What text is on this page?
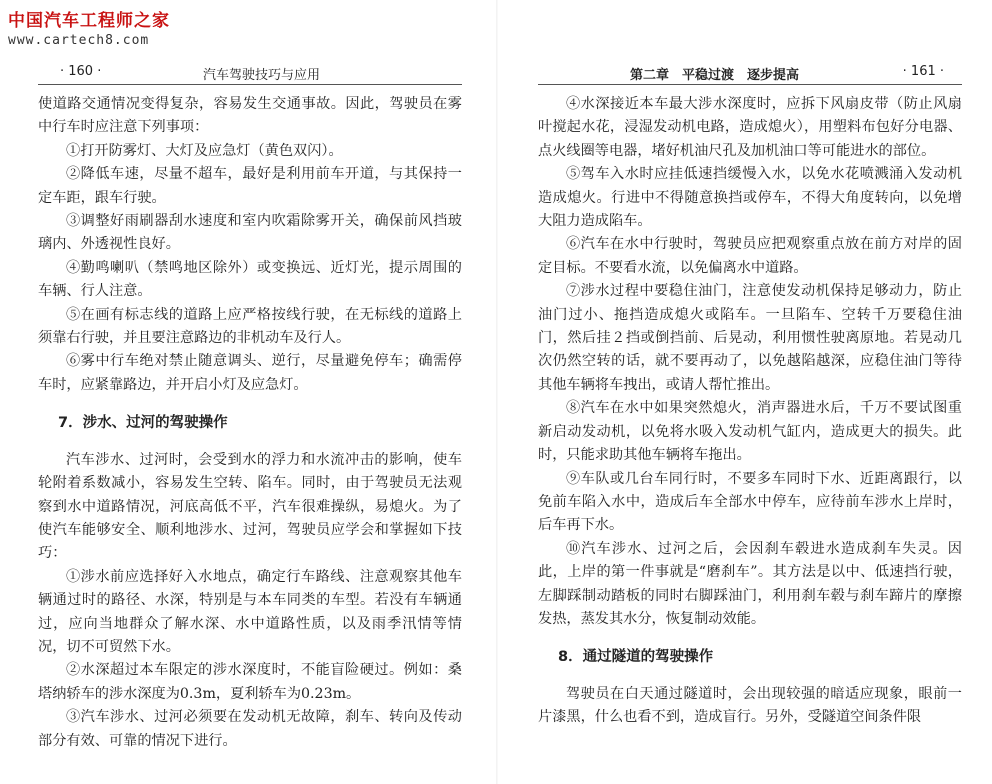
中国汽车工程师之家
www.cartech8.com
· 160 ·	汽车驾驶技巧与应用

使道路交通情况变得复杂，容易发生交通事故。因此，驾驶员在雾中行车时应注意下列事项：

①打开防雾灯、大灯及应急灯（黄色双闪）。

②降低车速，尽量不超车，最好是利用前车开道，与其保持一定车距，跟车行驶。

③调整好雨刷器刮水速度和室内吹霜除雾开关，确保前风挡玻璃内、外透视性良好。

④勤鸣喇叭（禁鸣地区除外）或变换远、近灯光，提示周围的车辆、行人注意。

⑤在画有标志线的道路上应严格按线行驶，在无标线的道路上须靠右行驶，并且要注意路边的非机动车及行人。

⑥雾中行车绝对禁止随意调头、逆行，尽量避免停车；确需停车时，应紧靠路边，并开启小灯及应急灯。

7．涉水、过河的驾驶操作

汽车涉水、过河时，会受到水的浮力和水流冲击的影响，使车轮附着系数减小，容易发生空转、陷车。同时，由于驾驶员无法观察到水中道路情况，河底高低不平，汽车很难操纵，易熄火。为了使汽车能够安全、顺利地涉水、过河，驾驶员应学会和掌握如下技巧：

①涉水前应选择好入水地点，确定行车路线、注意观察其他车辆通过时的路径、水深，特别是与本车同类的车型。若没有车辆通过，应向当地群众了解水深、水中道路性质，以及雨季汛情等情况，切不可贸然下水。

②水深超过本车限定的涉水深度时，不能盲险硬过。例如：桑塔纳轿车的涉水深度为0.3m，夏利轿车为0.23m。

③汽车涉水、过河必须要在发动机无故障，刹车、转向及传动部分有效、可靠的情况下进行。

第二章　平稳过渡　逐步提高	· 161 ·

④水深接近本车最大涉水深度时，应拆下风扇皮带（防止风扇叶搅起水花，浸湿发动机电路，造成熄火），用塑料布包好分电器、点火线圈等电器，堵好机油尺孔及加机油口等可能进水的部位。

⑤驾车入水时应挂低速挡缓慢入水，以免水花喷溅涌入发动机造成熄火。行进中不得随意换挡或停车，不得大角度转向，以免增大阻力造成陷车。

⑥汽车在水中行驶时，驾驶员应把观察重点放在前方对岸的固定目标。不要看水流，以免偏离水中道路。

⑦涉水过程中要稳住油门，注意使发动机保持足够动力，防止油门过小、拖挡造成熄火或陷车。一旦陷车、空转千万要稳住油门，然后挂２挡或倒挡前、后晃动，利用惯性驶离原地。若晃动几次仍然空转的话，就不要再动了，以免越陷越深，应稳住油门等待其他车辆将车拽出，或请人帮忙推出。

⑧汽车在水中如果突然熄火，消声器进水后，千万不要试图重新启动发动机，以免将水吸入发动机气缸内，造成更大的损失。此时，只能求助其他车辆将车拖出。

⑨车队或几台车同行时，不要多车同时下水、近距离跟行，以免前车陷入水中，造成后车全部水中停车，应待前车涉水上岸时，后车再下水。

⑩汽车涉水、过河之后，会因刹车毂进水造成刹车失灵。因此，上岸的第一件事就是“磨刹车”。其方法是以中、低速挡行驶，左脚踩制动踏板的同时右脚踩油门，利用刹车毂与刹车蹄片的摩擦发热，蒸发其水分，恢复制动效能。

8．通过隧道的驾驶操作

驾驶员在白天通过隧道时，会出现较强的暗适应现象，眼前一片漆黑，什么也看不到，造成盲行。另外，受隧道空间条件限
